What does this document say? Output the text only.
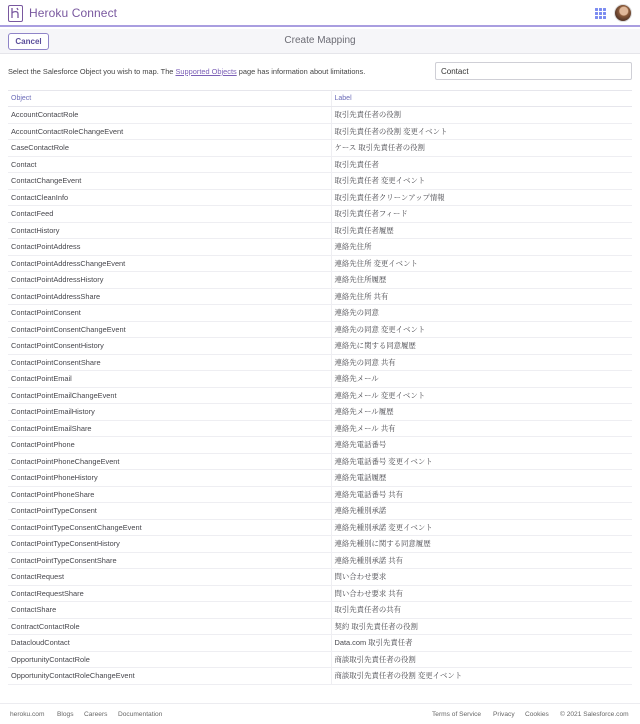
Heroku Connect
Cancel	Create Mapping
Select the Salesforce Object you wish to map. The Supported Objects page has information about limitations.
Contact
Object	Label
AccountContactRole	取引先責任者の役割
AccountContactRoleChangeEvent	取引先責任者の役割 変更イベント
CaseContactRole	ケース 取引先責任者の役割
Contact	取引先責任者
ContactChangeEvent	取引先責任者 変更イベント
ContactCleanInfo	取引先責任者クリーンアップ情報
ContactFeed	取引先責任者フィード
ContactHistory	取引先責任者履歴
ContactPointAddress	連絡先住所
ContactPointAddressChangeEvent	連絡先住所 変更イベント
ContactPointAddressHistory	連絡先住所履歴
ContactPointAddressShare	連絡先住所 共有
ContactPointConsent	連絡先の同意
ContactPointConsentChangeEvent	連絡先の同意 変更イベント
ContactPointConsentHistory	連絡先に関する同意履歴
ContactPointConsentShare	連絡先の同意 共有
ContactPointEmail	連絡先メール
ContactPointEmailChangeEvent	連絡先メール 変更イベント
ContactPointEmailHistory	連絡先メール履歴
ContactPointEmailShare	連絡先メール 共有
ContactPointPhone	連絡先電話番号
ContactPointPhoneChangeEvent	連絡先電話番号 変更イベント
ContactPointPhoneHistory	連絡先電話履歴
ContactPointPhoneShare	連絡先電話番号 共有
ContactPointTypeConsent	連絡先種別承諾
ContactPointTypeConsentChangeEvent	連絡先種別承諾 変更イベント
ContactPointTypeConsentHistory	連絡先種別に関する同意履歴
ContactPointTypeConsentShare	連絡先種別承諾 共有
ContactRequest	問い合わせ要求
ContactRequestShare	問い合わせ要求 共有
ContactShare	取引先責任者の共有
ContractContactRole	契約 取引先責任者の役割
DatacloudContact	Data.com 取引先責任者
OpportunityContactRole	商談取引先責任者の役割
OpportunityContactRoleChangeEvent	商談取引先責任者の役割 変更イベント
heroku.com Blogs Careers Documentation	Terms of Service Privacy Cookies © 2021 Salesforce.com
